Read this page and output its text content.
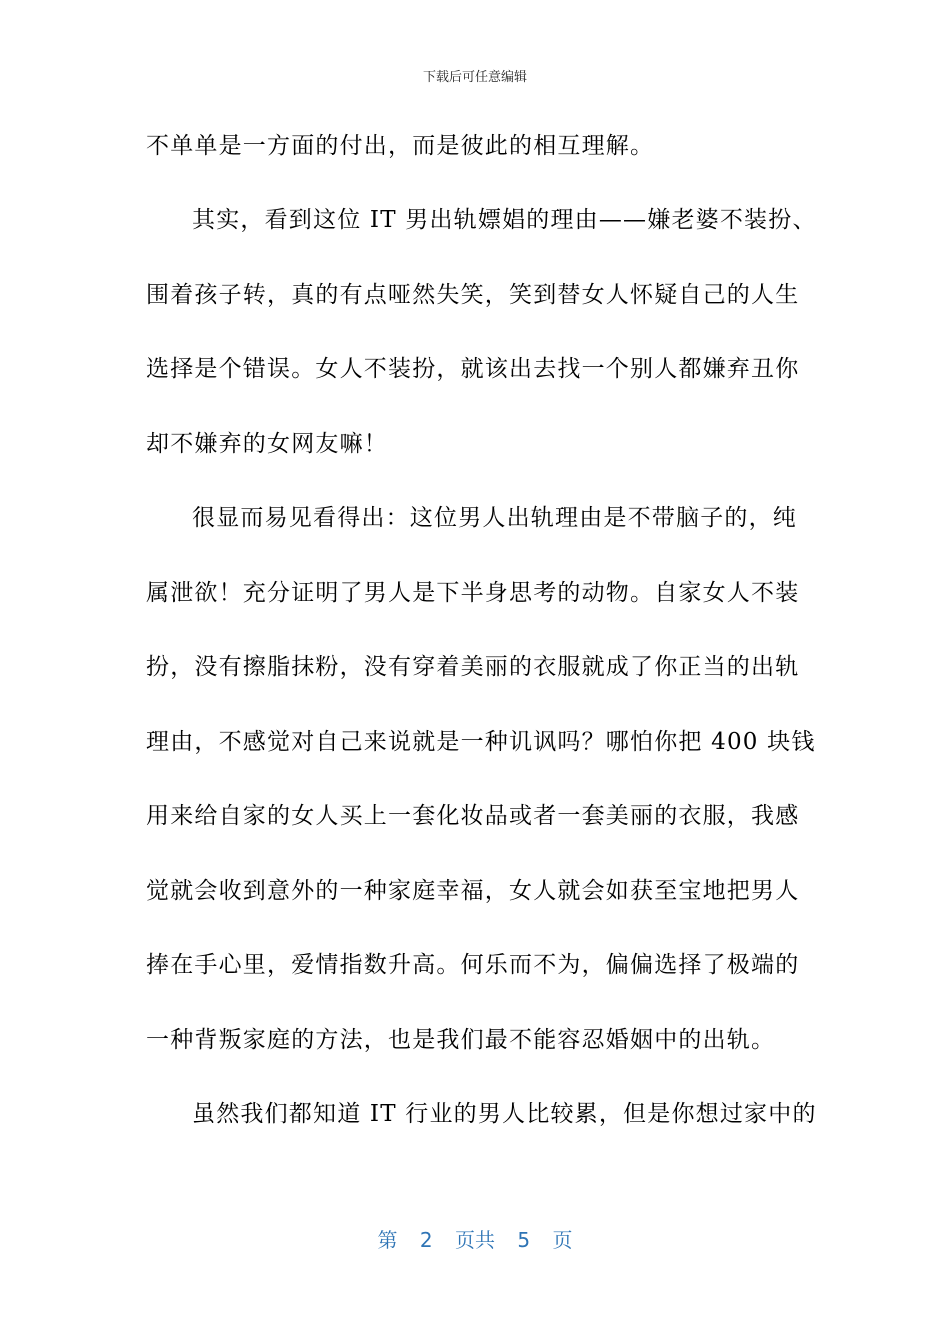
下载后可任意编辑
不单单是一方面的付出，而是彼此的相互理解。
其实，看到这位 IT 男出轨嫖娼的理由——嫌老婆不装扮、
围着孩子转，真的有点哑然失笑，笑到替女人怀疑自己的人生
选择是个错误。女人不装扮，就该出去找一个别人都嫌弃丑你
却不嫌弃的女网友嘛！
很显而易见看得出：这位男人出轨理由是不带脑子的，纯
属泄欲！充分证明了男人是下半身思考的动物。自家女人不装
扮，没有擦脂抹粉，没有穿着美丽的衣服就成了你正当的出轨
理由，不感觉对自己来说就是一种讥讽吗？哪怕你把 400 块钱
用来给自家的女人买上一套化妆品或者一套美丽的衣服，我感
觉就会收到意外的一种家庭幸福，女人就会如获至宝地把男人
捧在手心里，爱情指数升高。何乐而不为，偏偏选择了极端的
一种背叛家庭的方法，也是我们最不能容忍婚姻中的出轨。
虽然我们都知道 IT 行业的男人比较累，但是你想过家中的
第 2 页共 5 页
